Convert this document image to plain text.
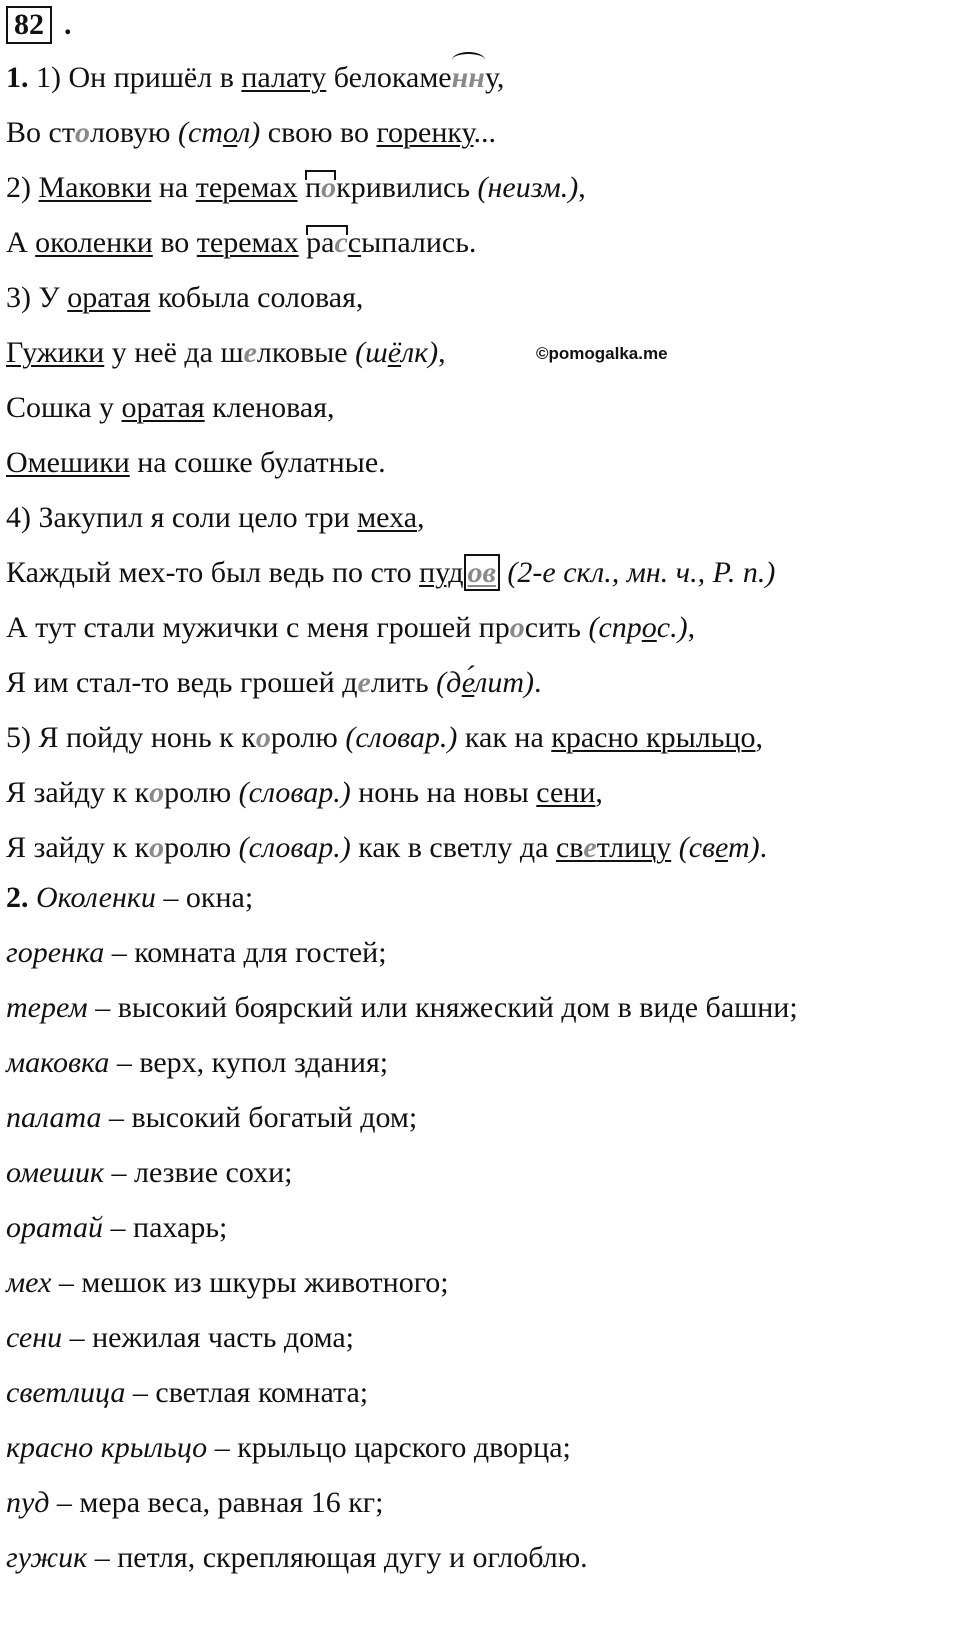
82 .
1. 1) Он пришёл в палату белокаменну,
Во столовую (стол) свою во горенку...
2) Маковки на теремах покривились (неизм.),
А околенки во теремах рассыпались.
3) У оратая кобыла соловая,
Гужики у неё да шелковые (шёлк),	©pomogalka.me
Сошка у оратая кленовая,
Омешики на сошке булатные.
4) Закупил я соли цело три меха,
Каждый мех-то был ведь по сто пуд ов (2-е скл., мн. ч., Р. п.)
А тут стали мужички с меня грошей просить (спрос.),
Я им стал-то ведь грошей делить (де́лит).
5) Я пойду нонь к королю (словар.) как на красно крыльцо,
Я зайду к королю (словар.) нонь на новы сени,
Я зайду к королю (словар.) как в светлу да светлицу (свет).
2. Околенки – окна;
горенка – комната для гостей;
терем – высокий боярский или княжеский дом в виде башни;
маковка – верх, купол здания;
палата – высокий богатый дом;
омешик – лезвие сохи;
оратай – пахарь;
мех – мешок из шкуры животного;
сени – нежилая часть дома;
светлица – светлая комната;
красно крыльцо – крыльцо царского дворца;
пуд – мера веса, равная 16 кг;
гужик – петля, скрепляющая дугу и оглоблю.
